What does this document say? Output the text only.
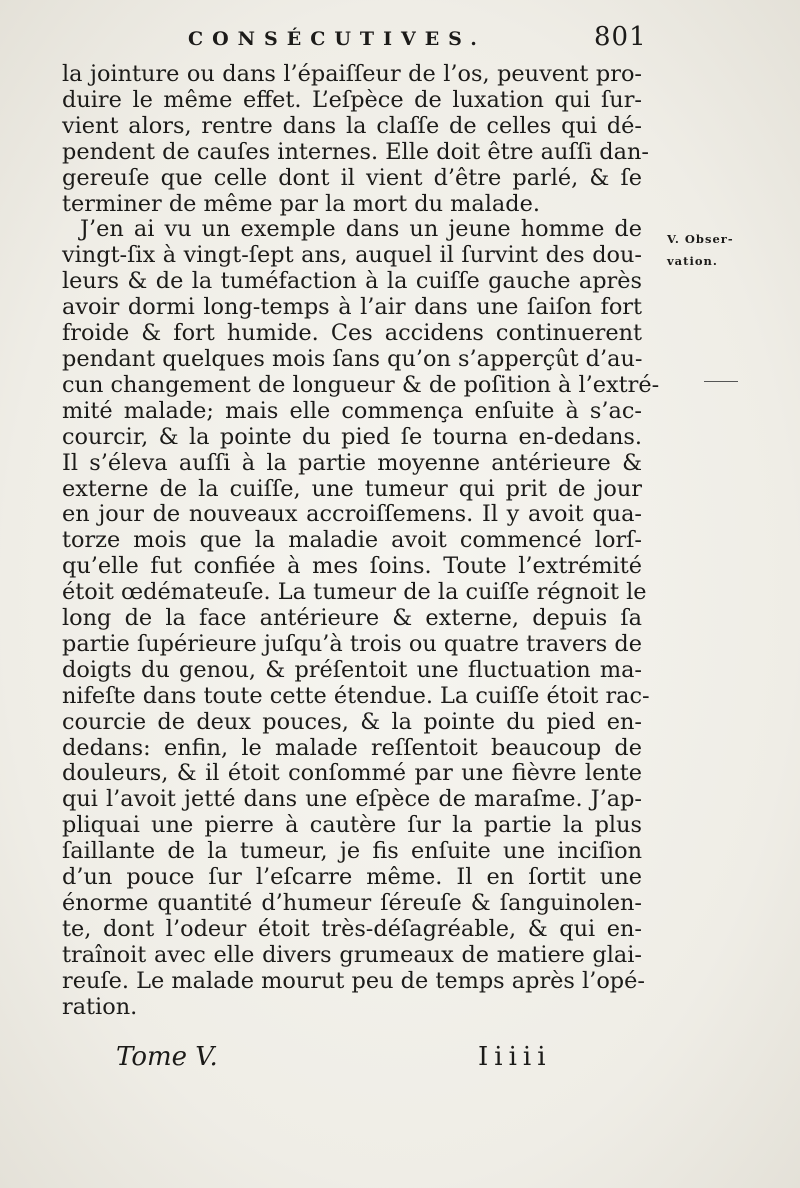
CONSÉCUTIVES.	801
la jointure ou dans l’épaiſſeur de l’os, peuvent pro-
duire le même effet. L’eſpèce de luxation qui ſur-
vient alors, rentre dans la claſſe de celles qui dé-
pendent de cauſes internes. Elle doit être auſſi dan-
gereuſe que celle dont il vient d’être parlé, & ſe
terminer de même par la mort du malade.
J’en ai vu un exemple dans un jeune homme de
vingt-ſix à vingt-ſept ans, auquel il ſurvint des dou-
leurs & de la tuméfaction à la cuiſſe gauche après
avoir dormi long-temps à l’air dans une ſaiſon fort
froide & fort humide. Ces accidens continuerent
pendant quelques mois ſans qu’on s’apperçût d’au-
cun changement de longueur & de poſition à l’extré-
mité malade; mais elle commença enſuite à s’ac-
courcir, & la pointe du pied ſe tourna en-dedans.
Il s’éleva auſſi à la partie moyenne antérieure &
externe de la cuiſſe, une tumeur qui prit de jour
en jour de nouveaux accroiſſemens. Il y avoit qua-
torze mois que la maladie avoit commencé lorſ-
qu’elle fut confiée à mes ſoins. Toute l’extrémité
étoit œdémateuſe. La tumeur de la cuiſſe régnoit le
long de la face antérieure & externe, depuis ſa
partie ſupérieure juſqu’à trois ou quatre travers de
doigts du genou, & préſentoit une fluctuation ma-
nifeſte dans toute cette étendue. La cuiſſe étoit rac-
courcie de deux pouces, & la pointe du pied en-
dedans: enfin, le malade reſſentoit beaucoup de
douleurs, & il étoit conſommé par une fièvre lente
qui l’avoit jetté dans une eſpèce de maraſme. J’ap-
pliquai une pierre à cautère ſur la partie la plus
ſaillante de la tumeur, je fis enſuite une inciſion
d’un pouce ſur l’eſcarre même. Il en ſortit une
énorme quantité d’humeur ſéreuſe & ſanguinolen-
te, dont l’odeur étoit très-déſagréable, & qui en-
traînoit avec elle divers grumeaux de matiere glai-
reuſe. Le malade mourut peu de temps après l’opé-
ration.
V. Obser-
vation.
Tome V.	Iiiii
